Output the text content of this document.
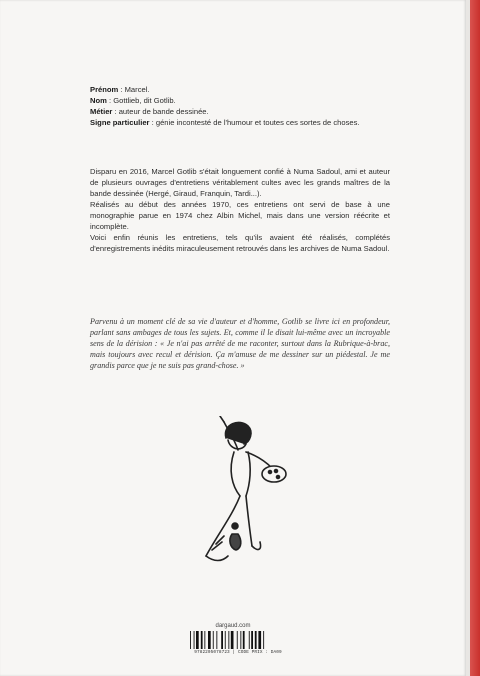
Prénom : Marcel.

Nom : Gottlieb, dit Gotlib.

Métier : auteur de bande dessinée.

Signe particulier : génie incontesté de l'humour et toutes ces sortes de choses.

Disparu en 2016, Marcel Gotlib s'était longuement confié à Numa Sadoul, ami et auteur de plusieurs ouvrages d'entretiens véritablement cultes avec les grands maîtres de la bande dessinée (Hergé, Giraud, Franquin, Tardi...).

Réalisés au début des années 1970, ces entretiens ont servi de base à une monographie parue en 1974 chez Albin Michel, mais dans une version réécrite et incomplète.

Voici enfin réunis les entretiens, tels qu'ils avaient été réalisés, complétés d'enregistrements inédits miraculeusement retrouvés dans les archives de Numa Sadoul.

Parvenu à un moment clé de sa vie d'auteur et d'homme, Gotlib se livre ici en profondeur, parlant sans ambages de tous les sujets. Et, comme il le disait lui-même avec un incroyable sens de la dérision : « Je n'ai pas arrêté de me raconter, surtout dans la Rubrique-à-brac, mais toujours avec recul et dérision. Ça m'amuse de me dessiner sur un piédestal. Je me grandis parce que je ne suis pas grand-chose. »
dargaud.com
9782205078723 | CODE PRIX : DA09
